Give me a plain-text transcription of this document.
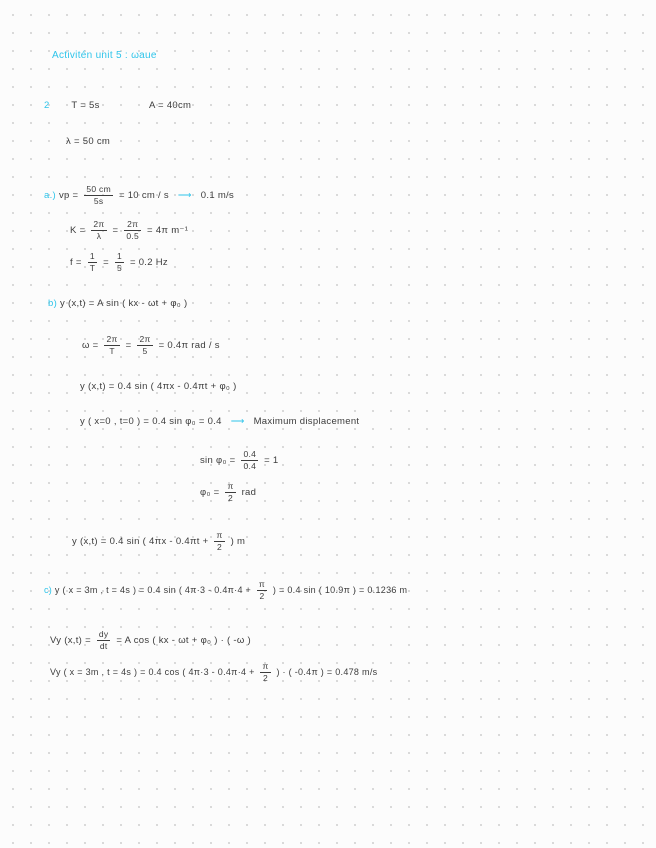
Activitén unit 5 : ωaue
2 T = 5s	A = 40cm
λ = 50 cm
a.) vp = $\frac{50 cm}{5s} = 10$ cm / s ⟶ 0.1 m/s
$K = \frac{2\pi}{\lambda} = \frac{2\pi}{0.5} = 4\pi$ m⁻¹
$f = \frac{1}{T} = \frac{1}{5} = 0.2$ Hz
b) y (x,t) = A sin ( kx - ωt + φ₀ )
$\omega = \frac{2\pi}{T} = \frac{2\pi}{5} = 0.4\pi$ rad / s
y (x,t) = 0.4 sin ( 4πx - 0.4πt + φ₀ )
y ( x=0 , t=0 ) = 0.4 sin φ₀ = 0.4 ⟶ Maximum displacement
$\sin \varphi_0 = \frac{0.4}{0.4} = 1$
$\varphi_0 = \frac{\pi}{2}$ rad
y (x,t) = 0.4 sin ( $4\pi x - 0.4\pi t + \frac{\pi}{2}$ ) m
c) y ( x = 3m , t = 4s ) = 0.4 sin ( $4\pi\cdot 3 - 0.4\pi\cdot 4 + \frac{\pi}{2}$ ) = 0.4 sin ( 10.9π ) = 0.1236 m
Vy $(x,t) = \frac{dy}{dt} = A$ cos ( kx - ωt + φ₀ ) · ( -ω )
Vy ( x = 3m , t = 4s ) = 0.4 cos ( $4\pi\cdot 3 - 0.4\pi\cdot 4 + \frac{\pi}{2}$ ) · ( -0.4π ) = 0.478 m/s
